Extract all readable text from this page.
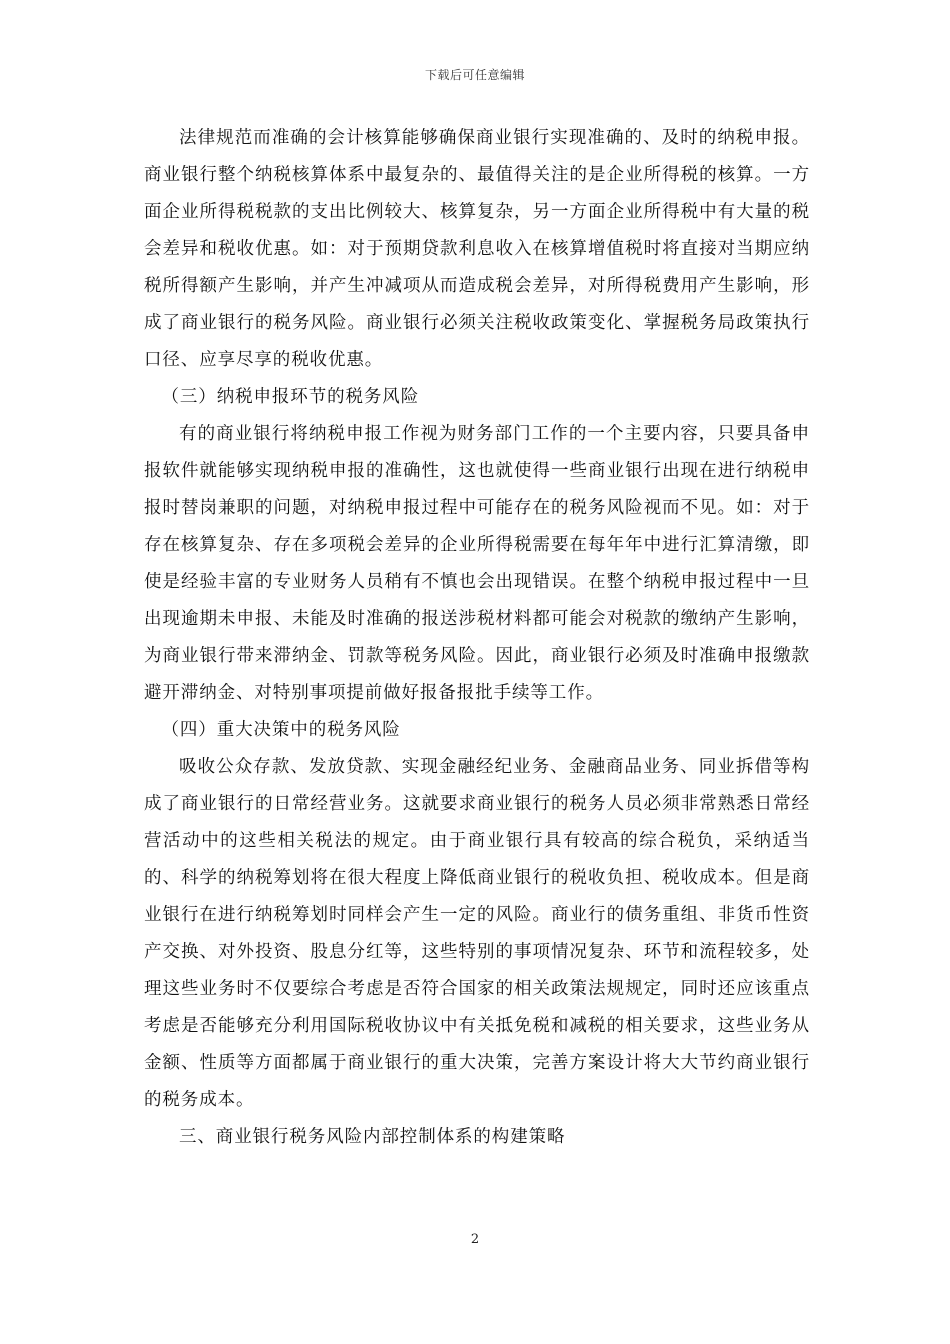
下载后可任意编辑

法律规范而准确的会计核算能够确保商业银行实现准确的、及时的纳税申报。商业银行整个纳税核算体系中最复杂的、最值得关注的是企业所得税的核算。一方面企业所得税税款的支出比例较大、核算复杂，另一方面企业所得税中有大量的税会差异和税收优惠。如：对于预期贷款利息收入在核算增值税时将直接对当期应纳税所得额产生影响，并产生冲减项从而造成税会差异，对所得税费用产生影响，形成了商业银行的税务风险。商业银行必须关注税收政策变化、掌握税务局政策执行口径、应享尽享的税收优惠。

（三）纳税申报环节的税务风险

有的商业银行将纳税申报工作视为财务部门工作的一个主要内容，只要具备申报软件就能够实现纳税申报的准确性，这也就使得一些商业银行出现在进行纳税申报时替岗兼职的问题，对纳税申报过程中可能存在的税务风险视而不见。如：对于存在核算复杂、存在多项税会差异的企业所得税需要在每年年中进行汇算清缴，即使是经验丰富的专业财务人员稍有不慎也会出现错误。在整个纳税申报过程中一旦出现逾期未申报、未能及时准确的报送涉税材料都可能会对税款的缴纳产生影响，为商业银行带来滞纳金、罚款等税务风险。因此，商业银行必须及时准确申报缴款避开滞纳金、对特别事项提前做好报备报批手续等工作。

（四）重大决策中的税务风险

吸收公众存款、发放贷款、实现金融经纪业务、金融商品业务、同业拆借等构成了商业银行的日常经营业务。这就要求商业银行的税务人员必须非常熟悉日常经营活动中的这些相关税法的规定。由于商业银行具有较高的综合税负，采纳适当的、科学的纳税筹划将在很大程度上降低商业银行的税收负担、税收成本。但是商业银行在进行纳税筹划时同样会产生一定的风险。商业行的债务重组、非货币性资产交换、对外投资、股息分红等，这些特别的事项情况复杂、环节和流程较多，处理这些业务时不仅要综合考虑是否符合国家的相关政策法规规定，同时还应该重点考虑是否能够充分利用国际税收协议中有关抵免税和减税的相关要求，这些业务从金额、性质等方面都属于商业银行的重大决策，完善方案设计将大大节约商业银行的税务成本。

三、商业银行税务风险内部控制体系的构建策略

2
